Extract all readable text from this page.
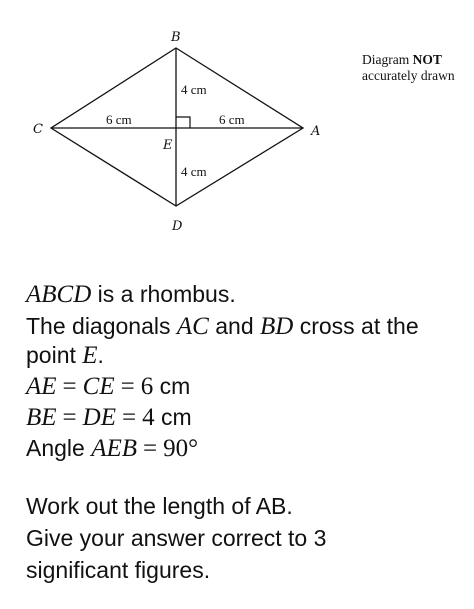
B
C	A
E
D
4 cm
6 cm	6 cm
4 cm
Diagram NOT
accurately drawn
ABCD is a rhombus.
The diagonals AC and BD cross at the
point E.
AE = CE = 6 cm
BE = DE = 4 cm
Angle AEB = 90°
Work out the length of AB.
Give your answer correct to 3
significant figures.
